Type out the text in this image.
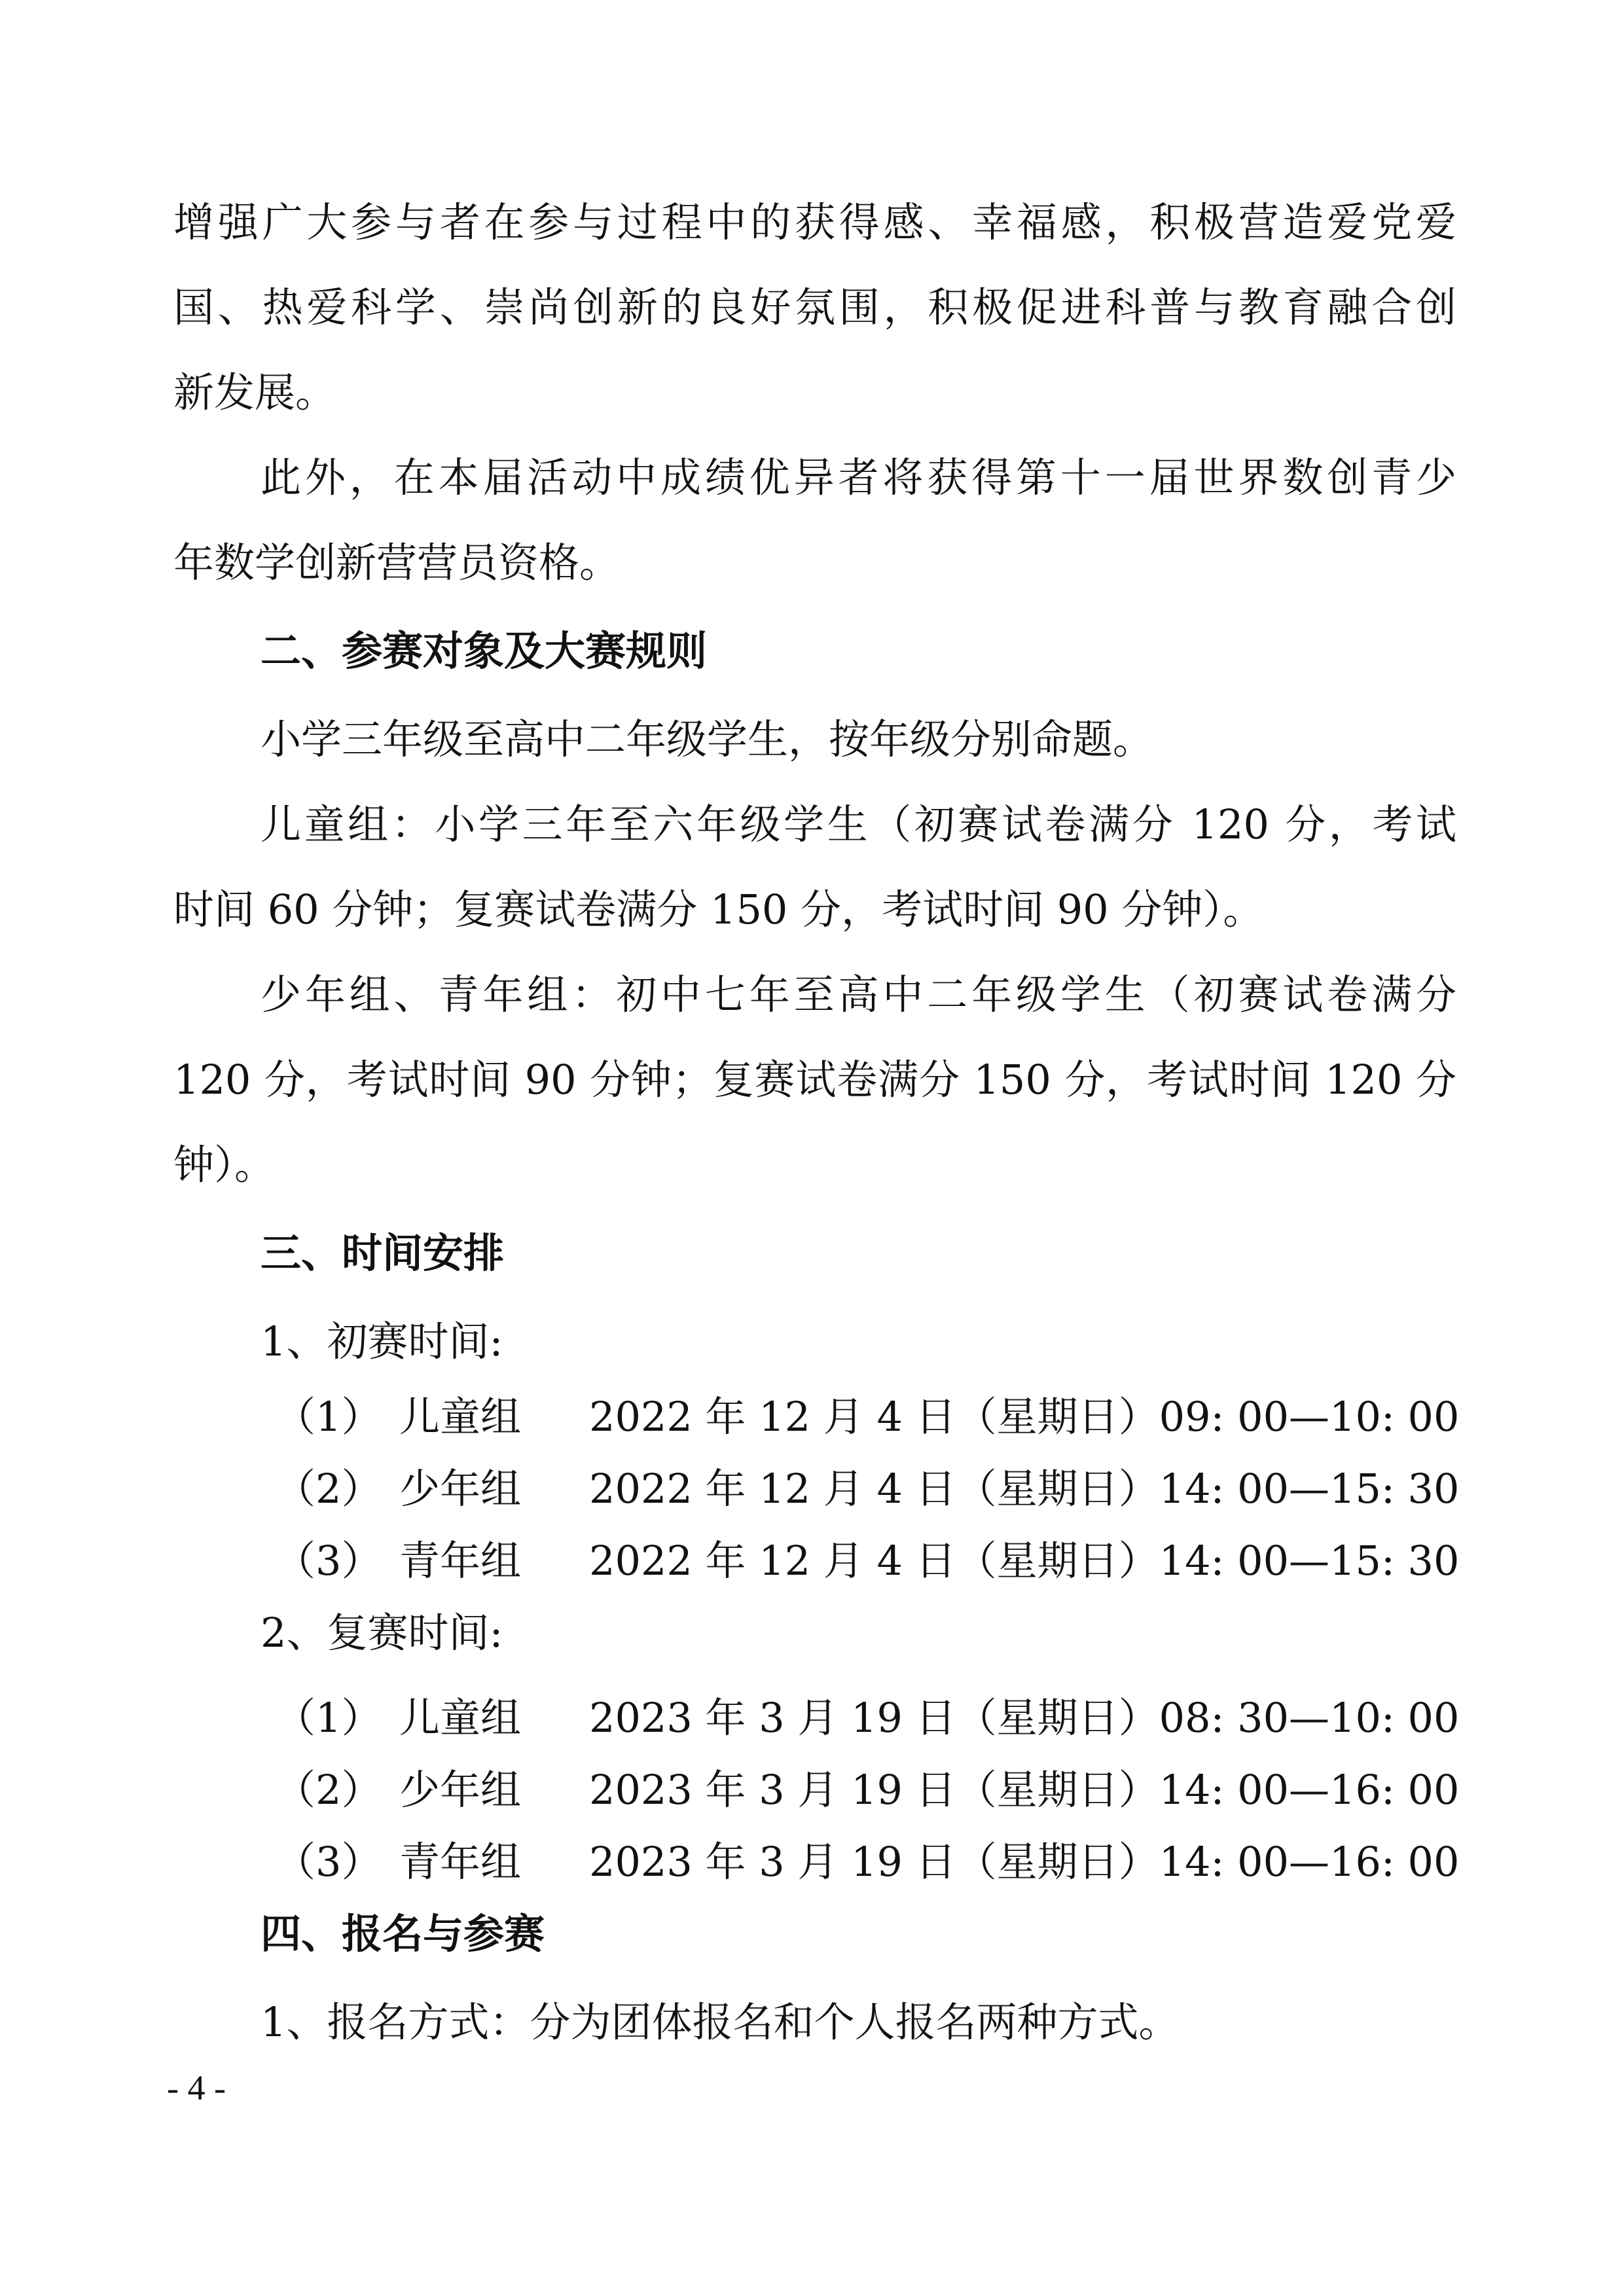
增强广大参与者在参与过程中的获得感、幸福感，积极营造爱党爱
国、热爱科学、崇尚创新的良好氛围，积极促进科普与教育融合创
新发展。
此外，在本届活动中成绩优异者将获得第十一届世界数创青少
年数学创新营营员资格。
二、参赛对象及大赛规则
小学三年级至高中二年级学生，按年级分别命题。
儿童组：小学三年至六年级学生（初赛试卷满分 120 分，考试
时间 60 分钟；复赛试卷满分 150 分，考试时间 90 分钟）。
少年组、青年组：初中七年至高中二年级学生（初赛试卷满分
120 分，考试时间 90 分钟；复赛试卷满分 150 分，考试时间 120 分
钟）。
三、时间安排
1、初赛时间:
（1） 儿童组 2022 年 12 月 4 日（星期日）09: 00—10: 00
（2） 少年组 2022 年 12 月 4 日（星期日）14: 00—15: 30
（3） 青年组 2022 年 12 月 4 日（星期日）14: 00—15: 30
2、复赛时间:
（1） 儿童组 2023 年 3 月 19 日（星期日）08: 30—10: 00
（2） 少年组 2023 年 3 月 19 日（星期日）14: 00—16: 00
（3） 青年组 2023 年 3 月 19 日（星期日）14: 00—16: 00
四、报名与参赛
1、报名方式：分为团体报名和个人报名两种方式。
- 4 -
